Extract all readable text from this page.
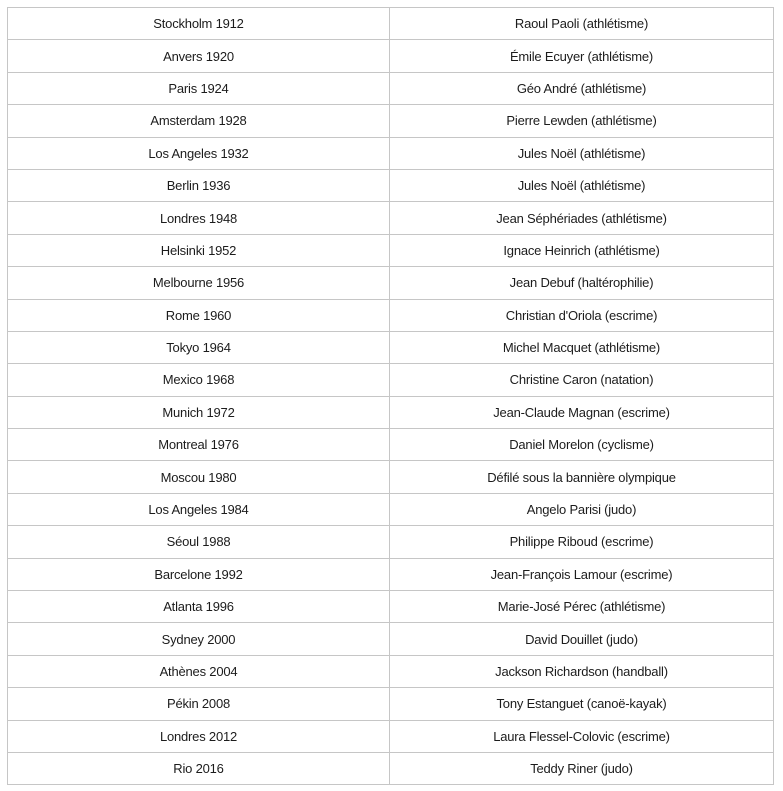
Stockholm 1912	Raoul Paoli (athlétisme)
Anvers 1920	Émile Ecuyer (athlétisme)
Paris 1924	Géo André (athlétisme)
Amsterdam 1928	Pierre Lewden (athlétisme)
Los Angeles 1932	Jules Noël (athlétisme)
Berlin 1936	Jules Noël (athlétisme)
Londres 1948	Jean Séphériades (athlétisme)
Helsinki 1952	Ignace Heinrich (athlétisme)
Melbourne 1956	Jean Debuf (haltérophilie)
Rome 1960	Christian d'Oriola (escrime)
Tokyo 1964	Michel Macquet (athlétisme)
Mexico 1968	Christine Caron (natation)
Munich 1972	Jean-Claude Magnan (escrime)
Montreal 1976	Daniel Morelon (cyclisme)
Moscou 1980	Défilé sous la bannière olympique
Los Angeles 1984	Angelo Parisi (judo)
Séoul 1988	Philippe Riboud (escrime)
Barcelone 1992	Jean-François Lamour (escrime)
Atlanta 1996	Marie-José Pérec (athlétisme)
Sydney 2000	David Douillet (judo)
Athènes 2004	Jackson Richardson (handball)
Pékin 2008	Tony Estanguet (canoë-kayak)
Londres 2012	Laura Flessel-Colovic (escrime)
Rio 2016	Teddy Riner (judo)
